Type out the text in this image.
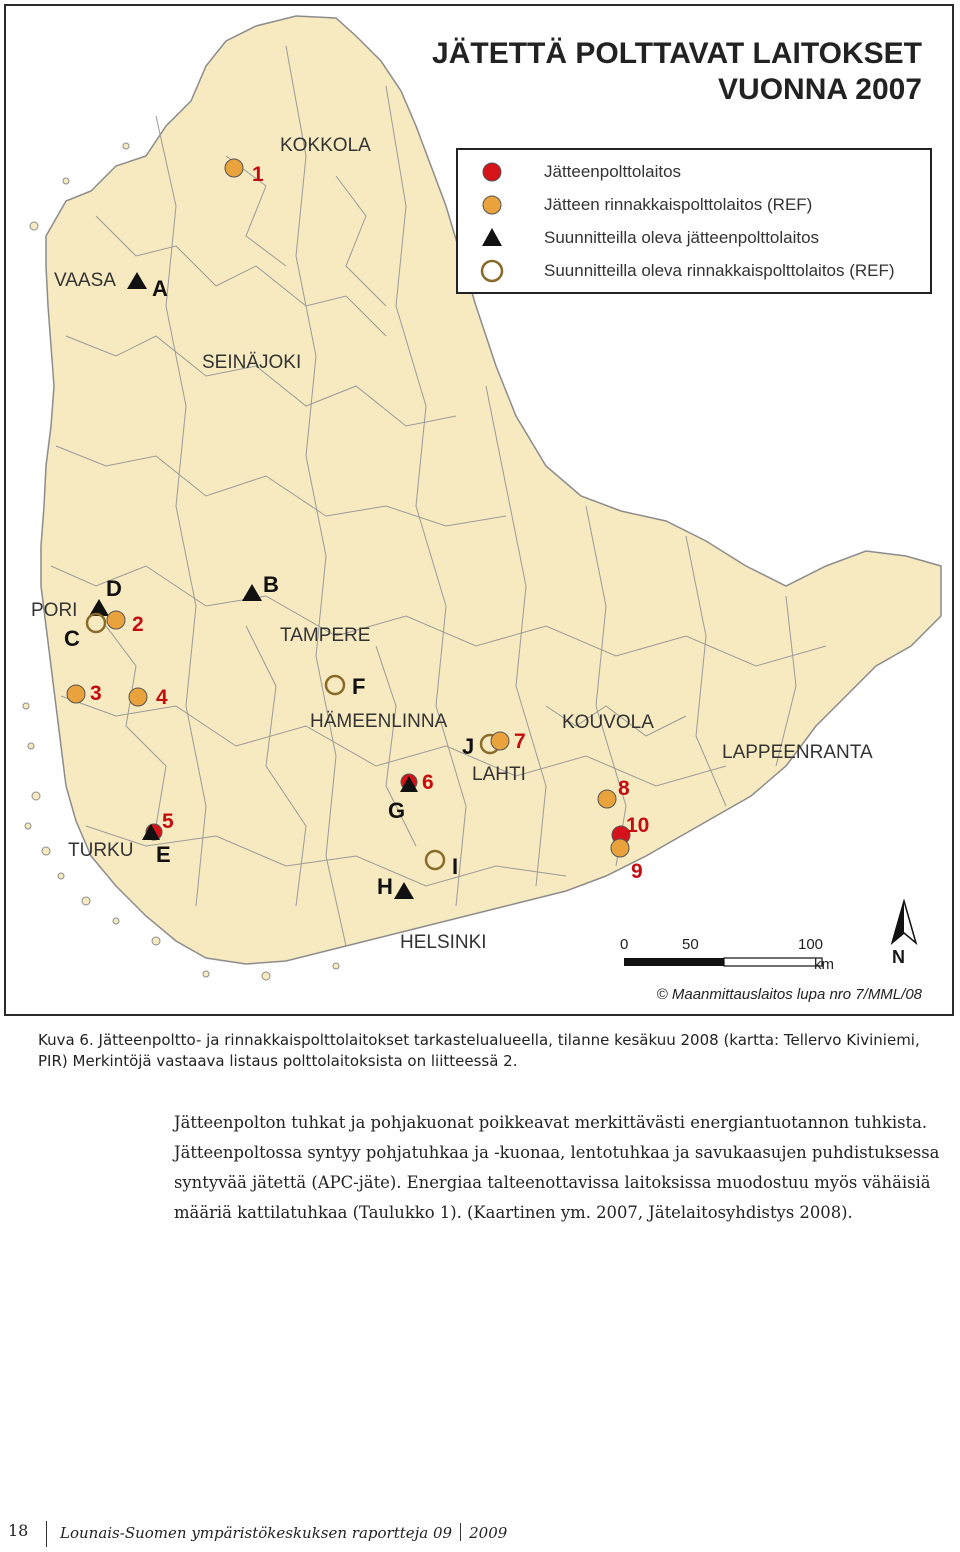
KOKKOLA
VAASA
SEINÄJOKI
PORI
TAMPERE
HÄMEENLINNA	KOUVOLA
LAHTI
LAPPEENRANTA
TURKU
HELSINKI
1
2
3	4
5
6
7
8
9
10
A
B
C
D
E
F
G
H
I
J
JÄTETTÄ POLTTAVAT LAITOKSET
VUONNA 2007
Jätteenpolttolaitos
Jätteen rinnakkaispolttolaitos (REF)
Suunnitteilla oleva jätteenpolttolaitos
Suunnitteilla oleva rinnakkaispolttolaitos (REF)
0	50	100
km	N
© Maanmittauslaitos lupa nro 7/MML/08
Kuva 6. Jätteenpoltto- ja rinnakkaispolttolaitokset tarkastelualueella, tilanne kesäkuu 2008 (kartta: Tellervo Kiviniemi, PIR) Merkintöjä vastaava listaus polttolaitoksista on liitteessä 2.
Jätteenpolton tuhkat ja pohjakuonat poikkeavat merkittävästi energiantuotannon tuhkista. Jätteenpoltossa syntyy pohjatuhkaa ja -kuonaa, lentotuhkaa ja savukaasujen puhdistuksessa syntyvää jätettä (APC-jäte). Energiaa talteenottavissa laitoksissa muodostuu myös vähäisiä määriä kattilatuhkaa (Taulukko 1). (Kaartinen ym. 2007, Jätelaitosyhdistys 2008).
18 Lounais-Suomen ympäristökeskuksen raportteja 09 2009
